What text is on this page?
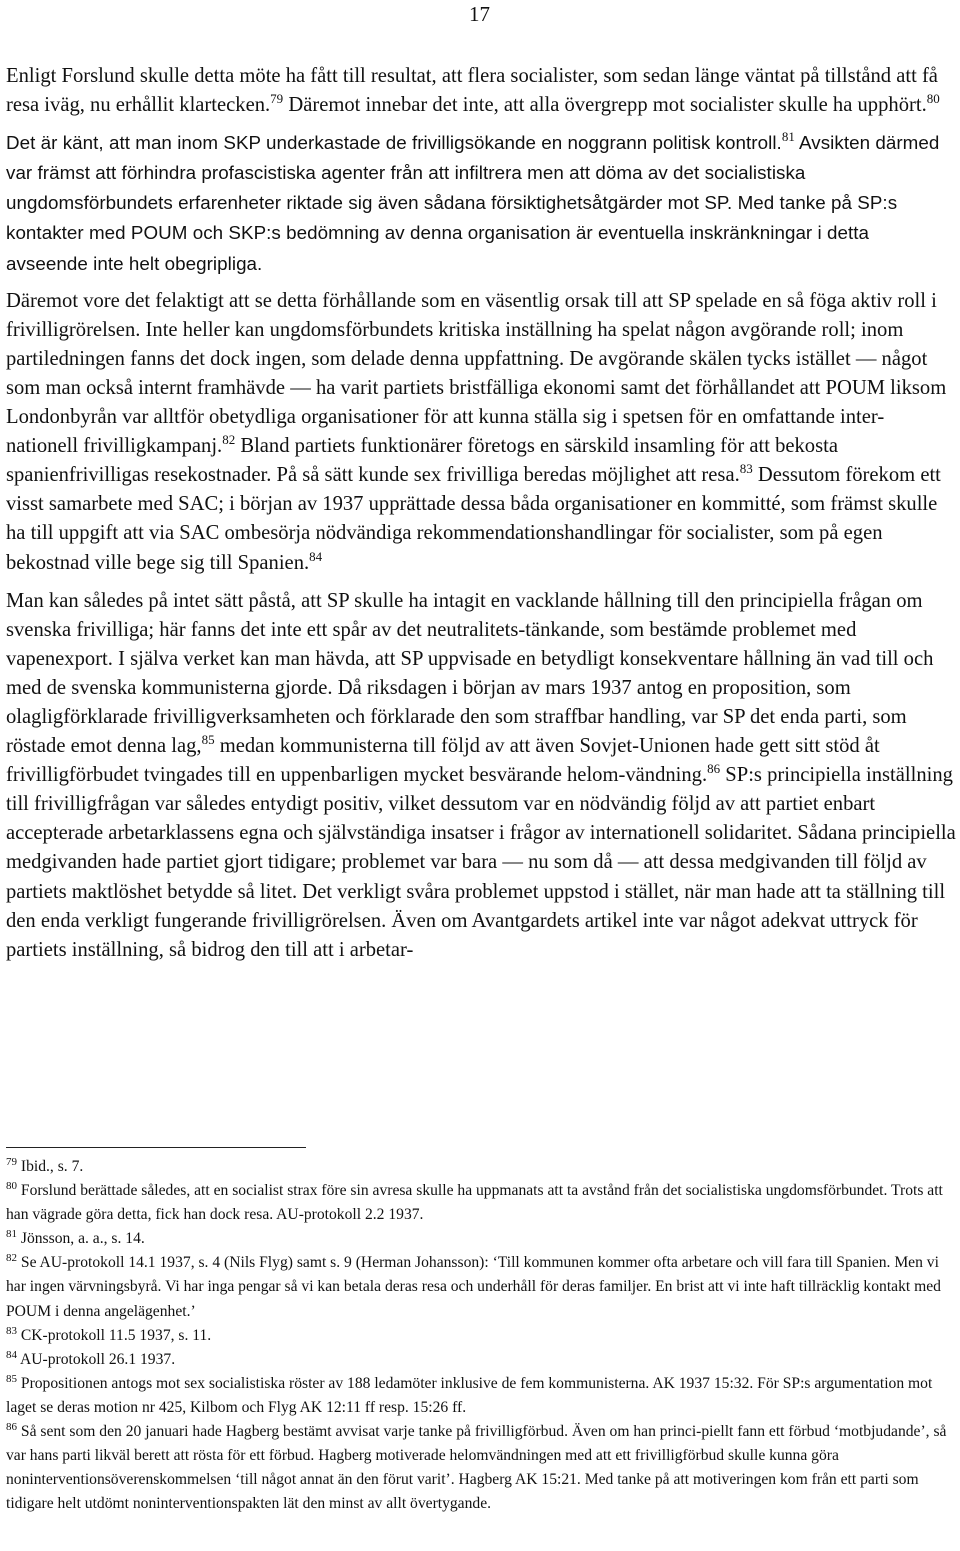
17

Enligt Forslund skulle detta möte ha fått till resultat, att flera socialister, som sedan länge väntat på tillstånd att få resa iväg, nu erhållit klartecken.$^{79}$ Däremot innebar det inte, att alla övergrepp mot socialister skulle ha upphört.$^{80}$

Det är känt, att man inom SKP underkastade de frivilligsökande en noggrann politisk kontroll.$^{81}$ Avsikten därmed var främst att förhindra profascistiska agenter från att infiltrera men att döma av det socialistiska ungdomsförbundets erfarenheter riktade sig även sådana försiktighetsåtgärder mot SP. Med tanke på SP:s kontakter med POUM och SKP:s bedömning av denna organisation är eventuella inskränkningar i detta avseende inte helt obegripliga.

Däremot vore det felaktigt att se detta förhållande som en väsentlig orsak till att SP spelade en så föga aktiv roll i frivilligrörelsen. Inte heller kan ungdomsförbundets kritiska inställning ha spelat någon avgörande roll; inom partiledningen fanns det dock ingen, som delade denna uppfattning. De avgörande skälen tycks istället — något som man också internt framhävde — ha varit partiets bristfälliga ekonomi samt det förhållandet att POUM liksom Londonbyrån var alltför obetydliga organisationer för att kunna ställa sig i spetsen för en omfattande inter-nationell frivilligkampanj.$^{82}$ Bland partiets funktionärer företogs en särskild insamling för att bekosta spanienfrivilligas resekostnader. På så sätt kunde sex frivilliga beredas möjlighet att resa.$^{83}$ Dessutom förekom ett visst samarbete med SAC; i början av 1937 upprättade dessa båda organisationer en kommitté, som främst skulle ha till uppgift att via SAC ombesörja nödvändiga rekommendationshandlingar för socialister, som på egen bekostnad ville bege sig till Spanien.$^{84}$

Man kan således på intet sätt påstå, att SP skulle ha intagit en vacklande hållning till den principiella frågan om svenska frivilliga; här fanns det inte ett spår av det neutralitets-tänkande, som bestämde problemet med vapenexport. I själva verket kan man hävda, att SP uppvisade en betydligt konsekventare hållning än vad till och med de svenska kommunisterna gjorde. Då riksdagen i början av mars 1937 antog en proposition, som olagligförklarade frivilligverksamheten och förklarade den som straffbar handling, var SP det enda parti, som röstade emot denna lag,$^{85}$ medan kommunisterna till följd av att även Sovjet-Unionen hade gett sitt stöd åt frivilligförbudet tvingades till en uppenbarligen mycket besvärande helom-vändning.$^{86}$ SP:s principiella inställning till frivilligfrågan var således entydigt positiv, vilket dessutom var en nödvändig följd av att partiet enbart accepterade arbetarklassens egna och självständiga insatser i frågor av internationell solidaritet. Sådana principiella medgivanden hade partiet gjort tidigare; problemet var bara — nu som då — att dessa medgivanden till följd av partiets maktlöshet betydde så litet. Det verkligt svåra problemet uppstod i stället, när man hade att ta ställning till den enda verkligt fungerande frivilligrörelsen. Även om Avantgardets artikel inte var något adekvat uttryck för partiets inställning, så bidrog den till att i arbetar-

$^{79}$ Ibid., s. 7.

$^{80}$ Forslund berättade således, att en socialist strax före sin avresa skulle ha uppmanats att ta avstånd från det socialistiska ungdomsförbundet. Trots att han vägrade göra detta, fick han dock resa. AU-protokoll 2.2 1937.

$^{81}$ Jönsson, a. a., s. 14.

$^{82}$ Se AU-protokoll 14.1 1937, s. 4 (Nils Flyg) samt s. 9 (Herman Johansson): ‘Till kommunen kommer ofta arbetare och vill fara till Spanien. Men vi har ingen värvningsbyrå. Vi har inga pengar så vi kan betala deras resa och underhåll för deras familjer. En brist att vi inte haft tillräcklig kontakt med POUM i denna angelägenhet.’

$^{83}$ CK-protokoll 11.5 1937, s. 11.

$^{84}$ AU-protokoll 26.1 1937.

$^{85}$ Propositionen antogs mot sex socialistiska röster av 188 ledamöter inklusive de fem kommunisterna. AK 1937 15:32. För SP:s argumentation mot laget se deras motion nr 425, Kilbom och Flyg AK 12:11 ff resp. 15:26 ff.

$^{86}$ Så sent som den 20 januari hade Hagberg bestämt avvisat varje tanke på frivilligförbud. Även om han princi-piellt fann ett förbud ‘motbjudande’, så var hans parti likväl berett att rösta för ett förbud. Hagberg motiverade helomvändningen med att ett frivilligförbud skulle kunna göra noninterventionsöverenskommelsen ‘till något annat än den förut varit’. Hagberg AK 15:21. Med tanke på att motiveringen kom från ett parti som tidigare helt utdömt noninterventionspakten lät den minst av allt övertygande.
